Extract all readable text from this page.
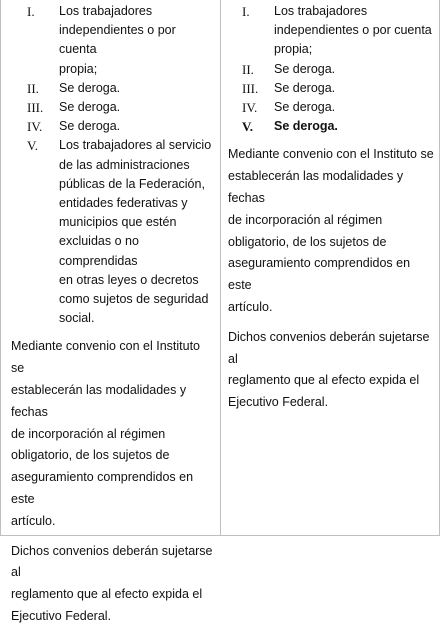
I.	Los trabajadores
independientes o por cuenta
propia;
II.	Se deroga.
III.	Se deroga.
IV.	Se deroga.
V.	Los trabajadores al servicio
de las administraciones
públicas de la Federación,
entidades federativas y
municipios que estén
excluidas o no comprendidas
en otras leyes o decretos
como sujetos de seguridad
social.

Mediante convenio con el Instituto se
establecerán las modalidades y fechas
de incorporación al régimen
obligatorio, de los sujetos de
aseguramiento comprendidos en este
artículo.

Dichos convenios deberán sujetarse al
reglamento que al efecto expida el
Ejecutivo Federal.

I.	Los trabajadores
independientes o por cuenta
propia;
II.	Se deroga.
III.	Se deroga.
IV.	Se deroga.
V.	Se deroga.

Mediante convenio con el Instituto se
establecerán las modalidades y fechas
de incorporación al régimen
obligatorio, de los sujetos de
aseguramiento comprendidos en este
artículo.

Dichos convenios deberán sujetarse al
reglamento que al efecto expida el
Ejecutivo Federal.
